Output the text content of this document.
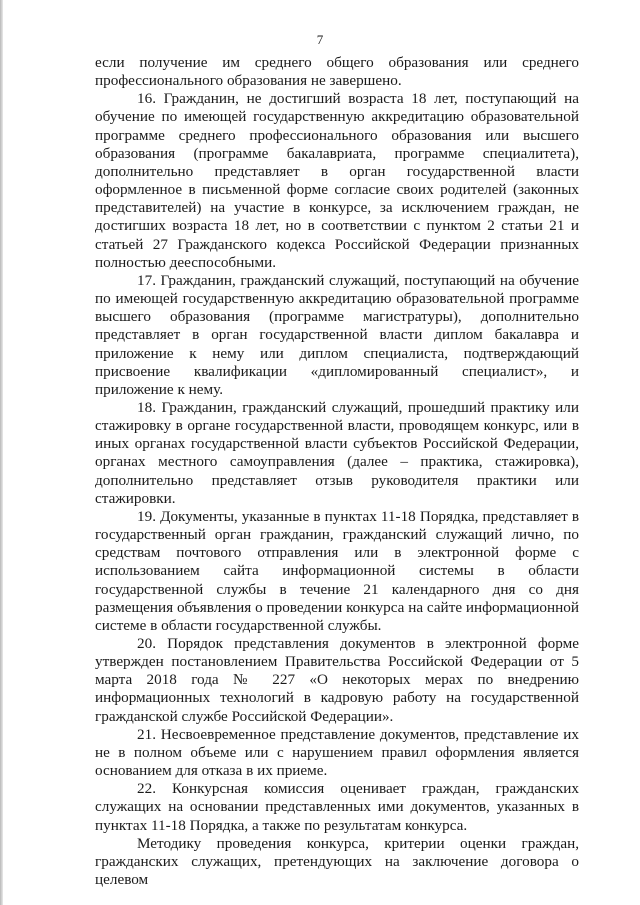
7

если получение им среднего общего образования или среднего профессионального образования не завершено.

16. Гражданин, не достигший возраста 18 лет, поступающий на обучение по имеющей государственную аккредитацию образовательной программе среднего профессионального образования или высшего образования (программе бакалавриата, программе специалитета), дополнительно представляет в орган государственной власти оформленное в письменной форме согласие своих родителей (законных представителей) на участие в конкурсе, за исключением граждан, не достигших возраста 18 лет, но в соответствии с пунктом 2 статьи 21 и статьей 27 Гражданского кодекса Российской Федерации признанных полностью дееспособными.

17. Гражданин, гражданский служащий, поступающий на обучение по имеющей государственную аккредитацию образовательной программе высшего образования (программе магистратуры), дополнительно представляет в орган государственной власти диплом бакалавра и приложение к нему или диплом специалиста, подтверждающий присвоение квалификации «дипломированный специалист», и приложение к нему.

18. Гражданин, гражданский служащий, прошедший практику или стажировку в органе государственной власти, проводящем конкурс, или в иных органах государственной власти субъектов Российской Федерации, органах местного самоуправления (далее – практика, стажировка), дополнительно представляет отзыв руководителя практики или стажировки.

19. Документы, указанные в пунктах 11-18 Порядка, представляет в государственный орган гражданин, гражданский служащий лично, по средствам почтового отправления или в электронной форме с использованием сайта информационной системы в области государственной службы в течение 21 календарного дня со дня размещения объявления о проведении конкурса на сайте информационной системе в области государственной службы.

20. Порядок представления документов в электронной форме утвержден постановлением Правительства Российской Федерации от 5 марта 2018 года № 227 «О некоторых мерах по внедрению информационных технологий в кадровую работу на государственной гражданской службе Российской Федерации».

21. Несвоевременное представление документов, представление их не в полном объеме или с нарушением правил оформления является основанием для отказа в их приеме.

22. Конкурсная комиссия оценивает граждан, гражданских служащих на основании представленных ими документов, указанных в пунктах 11-18 Порядка, а также по результатам конкурса.

Методику проведения конкурса, критерии оценки граждан, гражданских служащих, претендующих на заключение договора о целевом
